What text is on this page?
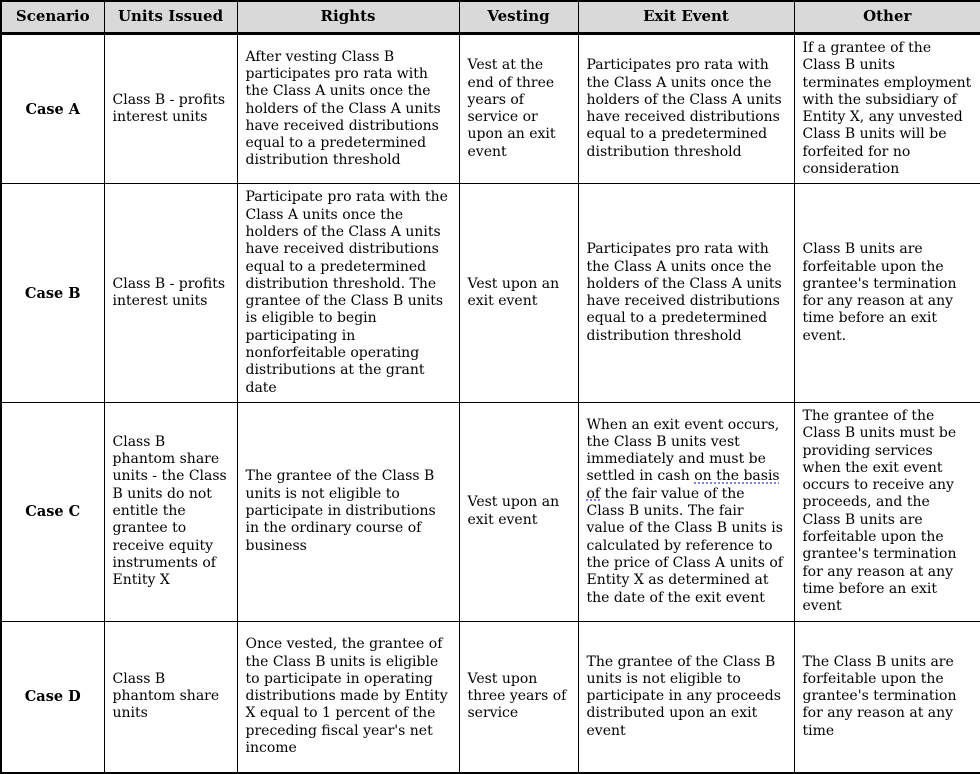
Scenario	Units Issued	Rights	Vesting	Exit Event	Other
Case A	Class B - profits interest units	After vesting Class B participates pro rata with the Class A units once the holders of the Class A units have received distributions equal to a predetermined distribution threshold	Vest at the end of three years of service or upon an exit event	Participates pro rata with the Class A units once the holders of the Class A units have received distributions equal to a predetermined distribution threshold	If a grantee of the Class B units terminates employment with the subsidiary of Entity X, any unvested Class B units will be forfeited for no consideration
Case B	Class B - profits interest units	Participate pro rata with the Class A units once the holders of the Class A units have received distributions equal to a predetermined distribution threshold. The grantee of the Class B units is eligible to begin participating in nonforfeitable operating distributions at the grant date	Vest upon an exit event	Participates pro rata with the Class A units once the holders of the Class A units have received distributions equal to a predetermined distribution threshold	Class B units are forfeitable upon the grantee's termination for any reason at any time before an exit event.
Case C	Class B phantom share units - the Class B units do not entitle the grantee to receive equity instruments of Entity X	The grantee of the Class B units is not eligible to participate in distributions in the ordinary course of business	Vest upon an exit event	When an exit event occurs, the Class B units vest immediately and must be settled in cash on the basis of the fair value of the Class B units. The fair value of the Class B units is calculated by reference to the price of Class A units of Entity X as determined at the date of the exit event	The grantee of the Class B units must be providing services when the exit event occurs to receive any proceeds, and the Class B units are forfeitable upon the grantee's termination for any reason at any time before an exit event
Case D	Class B phantom share units	Once vested, the grantee of the Class B units is eligible to participate in operating distributions made by Entity X equal to 1 percent of the preceding fiscal year's net income	Vest upon three years of service	The grantee of the Class B units is not eligible to participate in any proceeds distributed upon an exit event	The Class B units are forfeitable upon the grantee's termination for any reason at any time
